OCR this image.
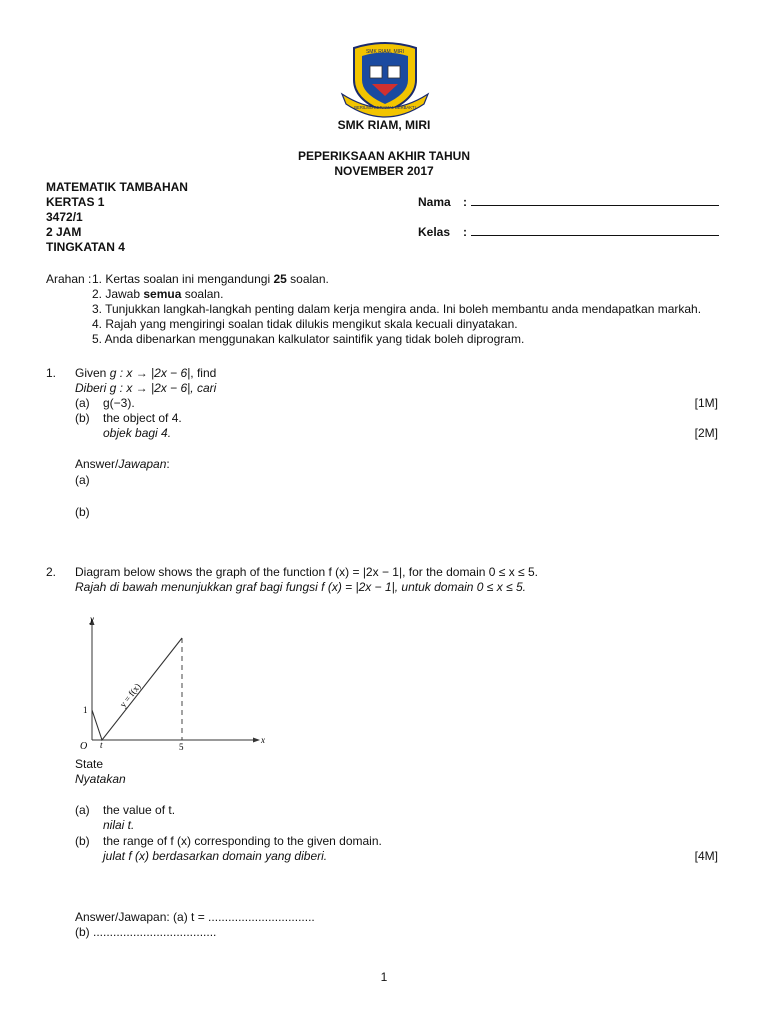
SMK RIAM, MIRI
BERILMU BERAMAL BERBAKTI
SMK RIAM, MIRI
PEPERIKSAAN AKHIR TAHUN
NOVEMBER 2017
MATEMATIK TAMBAHAN
KERTAS 1
3472/1
2 JAM
TINGKATAN 4
Nama :
Kelas :
Arahan : 1. Kertas soalan ini mengandungi 25 soalan.
2. Jawab semua soalan.
3. Tunjukkan langkah-langkah penting dalam kerja mengira anda. Ini boleh membantu anda mendapatkan markah.
4. Rajah yang mengiringi soalan tidak dilukis mengikut skala kecuali dinyatakan.
5. Anda dibenarkan menggunakan kalkulator saintifik yang tidak boleh diprogram.
1. Given g : x → |2x − 6|, find
Diberi g : x → |2x − 6|, cari
(a) g(−3).	[1M]
(b) the object of 4.
objek bagi 4.	[2M]
Answer/Jawapan:
(a)
(b)
2. Diagram below shows the graph of the function f (x) = |2x − 1|, for the domain 0 ≤ x ≤ 5.
Rajah di bawah menunjukkan graf bagi fungsi f (x) = |2x − 1|, untuk domain 0 ≤ x ≤ 5.
y
x
O t	5
1
y = f(x)
State
Nyatakan
(a) the value of t.
nilai t.
(b) the range of f (x) corresponding to the given domain.
julat f (x) berdasarkan domain yang diberi.	[4M]
Answer/Jawapan: (a) t = ................................
(b) .....................................
1
